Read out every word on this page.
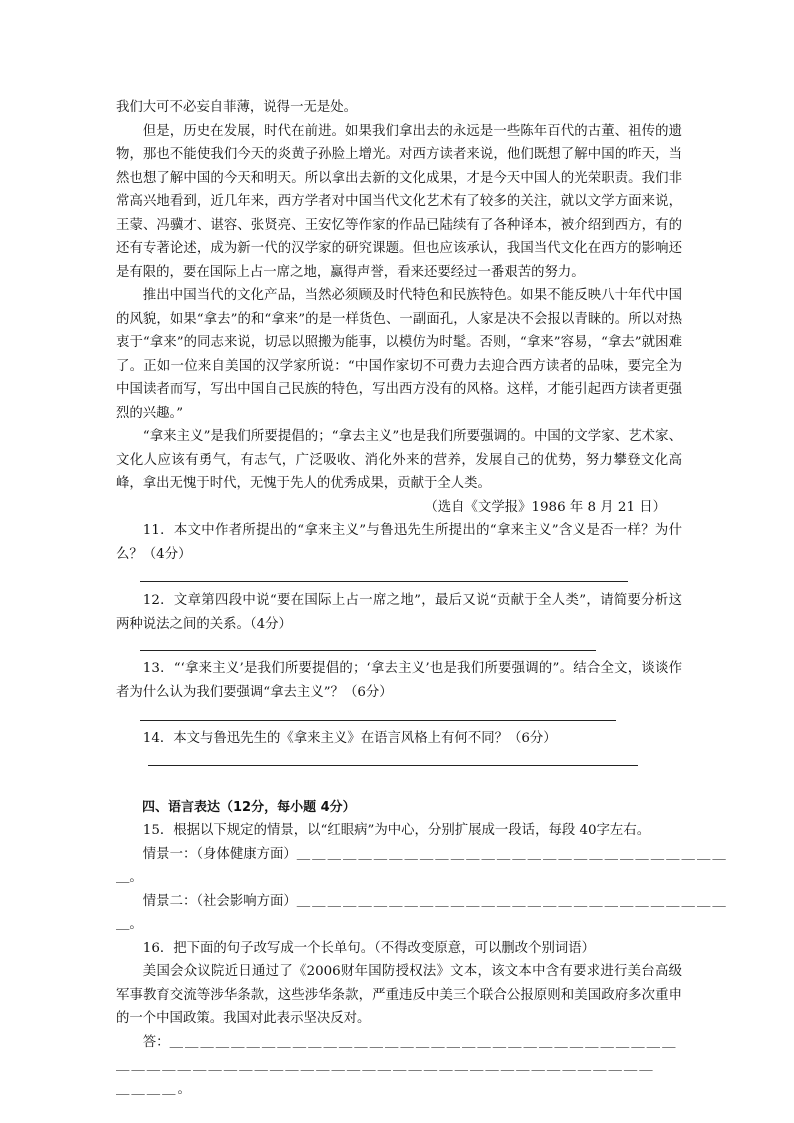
我们大可不必妄自菲薄，说得一无是处。

但是，历史在发展，时代在前进。如果我们拿出去的永远是一些陈年百代的古董、祖传的遗物，那也不能使我们今天的炎黄子孙脸上增光。对西方读者来说，他们既想了解中国的昨天，当然也想了解中国的今天和明天。所以拿出去新的文化成果，才是今天中国人的光荣职责。我们非常高兴地看到，近几年来，西方学者对中国当代文化艺术有了较多的关注，就以文学方面来说，王蒙、冯骥才、谌容、张贤亮、王安忆等作家的作品已陆续有了各种译本，被介绍到西方，有的还有专著论述，成为新一代的汉学家的研究课题。但也应该承认，我国当代文化在西方的影响还是有限的，要在国际上占一席之地，赢得声誉，看来还要经过一番艰苦的努力。

推出中国当代的文化产品，当然必须顾及时代特色和民族特色。如果不能反映八十年代中国的风貌，如果“拿去”的和“拿来”的是一样货色、一副面孔，人家是决不会报以青睐的。所以对热衷于“拿来”的同志来说，切忌以照搬为能事，以模仿为时髦。否则，“拿来”容易，“拿去”就困难了。正如一位来自美国的汉学家所说：“中国作家切不可费力去迎合西方读者的品味，要完全为中国读者而写，写出中国自己民族的特色，写出西方没有的风格。这样，才能引起西方读者更强烈的兴趣。”

“拿来主义”是我们所要提倡的；“拿去主义”也是我们所要强调的。中国的文学家、艺术家、文化人应该有勇气，有志气，广泛吸收、消化外来的营养，发展自己的优势，努力攀登文化高峰，拿出无愧于时代，无愧于先人的优秀成果，贡献于全人类。

（选自《文学报》1986 年 8 月 21 日）

11．本文中作者所提出的“拿来主义”与鲁迅先生所提出的“拿来主义”含义是否一样？为什么？（4分）

12．文章第四段中说“要在国际上占一席之地”，最后又说“贡献于全人类”，请简要分析这两种说法之间的关系。（4分）

13．“‘拿来主义’是我们所要提倡的；‘拿去主义’也是我们所要强调的”。结合全文，谈谈作者为什么认为我们要强调“拿去主义”？（6分）

14．本文与鲁迅先生的《拿来主义》在语言风格上有何不同？（6分）

四、语言表达（12分，每小题 4分）

15．根据以下规定的情景，以“红眼病”为中心，分别扩展成一段话，每段 40字左右。

情景一：（身体健康方面）＿＿＿＿＿＿＿＿＿＿＿＿＿＿＿＿＿＿＿＿＿＿＿＿＿＿＿＿

＿。

情景二：（社会影响方面）＿＿＿＿＿＿＿＿＿＿＿＿＿＿＿＿＿＿＿＿＿＿＿＿＿＿＿＿

＿。

16．把下面的句子改写成一个长单句。（不得改变原意，可以删改个别词语）

美国会众议院近日通过了《2006财年国防授权法》文本，该文本中含有要求进行美台高级军事教育交流等涉华条款，这些涉华条款，严重违反中美三个联合公报原则和美国政府多次重申的一个中国政策。我国对此表示坚决反对。

答：＿＿＿＿＿＿＿＿＿＿＿＿＿＿＿＿＿＿＿＿＿＿＿＿＿＿＿＿＿＿＿＿＿

＿＿＿＿＿＿＿＿＿＿＿＿＿＿＿＿＿＿＿＿＿＿＿＿＿＿＿＿＿＿＿＿＿＿＿

＿＿＿＿。
